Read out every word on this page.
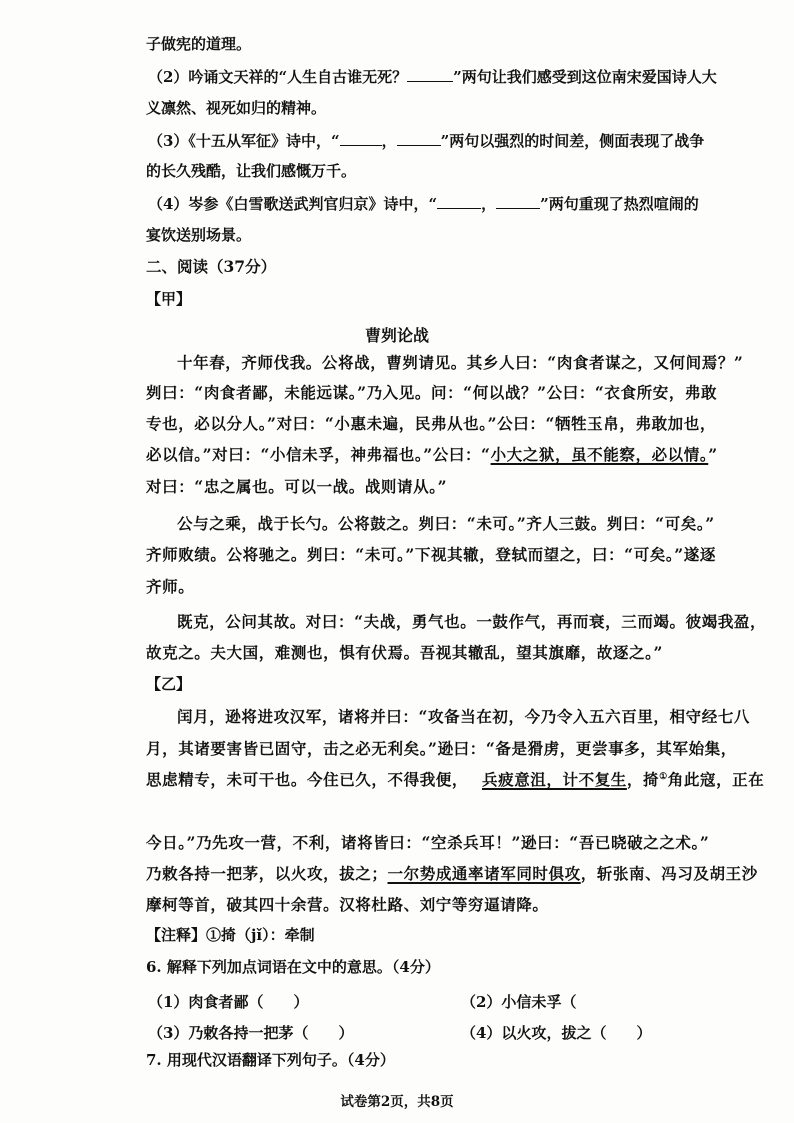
子做宪的道理。
（2）吟诵文天祥的“人生自古谁无死？	”两句让我们感受到这位南宋爱国诗人大
义凛然、视死如归的精神。
（3）《十五从军征》诗中，“	，	”两句以强烈的时间差，侧面表现了战争
的长久残酷，让我们感慨万千。
（4）岑参《白雪歌送武判官归京》诗中，“	，	”两句重现了热烈喧闹的
宴饮送别场景。
二、阅读（37分）
【甲】
曹刿论战
十年春，齐师伐我。公将战，曹刿请见。其乡人曰：“肉食者谋之，又何间焉？”
刿曰：“肉食者鄙，未能远谋。”乃入见。问：“何以战？”公曰：“衣食所安，弗敢
专也，必以分人。”对曰：“小惠未遍，民弗从也。”公曰：“牺牲玉帛，弗敢加也，
必以信。”对曰：“小信未孚，神弗福也。”公曰：“小大之狱，虽不能察，必以情。”
对曰：“忠之属也。可以一战。战则请从。”
公与之乘，战于长勺。公将鼓之。刿曰：“未可。”齐人三鼓。刿曰：“可矣。”
齐师败绩。公将驰之。刿曰：“未可。”下视其辙，登轼而望之，曰：“可矣。”遂逐
齐师。
既克，公问其故。对曰：“夫战，勇气也。一鼓作气，再而衰，三而竭。彼竭我盈，
故克之。夫大国，难测也，惧有伏焉。吾视其辙乱，望其旗靡，故逐之。”
【乙】
闰月，逊将进攻汉军，诸将并曰：“攻备当在初，今乃令入五六百里，相守经七八
月，其诸要害皆已固守，击之必无利矣。”逊曰：“备是猾虏，更尝事多，其军始集，
思虑精专，未可干也。今住已久，不得我便， 兵疲意沮，计不复生，掎①角此寇，正在
今日。”乃先攻一营，不利，诸将皆曰：“空杀兵耳！”逊曰：“吾已晓破之之术。”
乃敕各持一把茅，以火攻，拔之；一尔势成通率诸军同时俱攻，斩张南、冯习及胡王沙
摩柯等首，破其四十余营。汉将杜路、刘宁等穷逼请降。
【注释】①掎（jǐ）：牵制
6. 解释下列加点词语在文中的意思。（4分）
（1）肉食者鄙（　　）	（2）小信未孚（
（3）乃敕各持一把茅（　　）	（4）以火攻，拔之（　　）
7. 用现代汉语翻译下列句子。（4分）
试卷第2页，共8页
